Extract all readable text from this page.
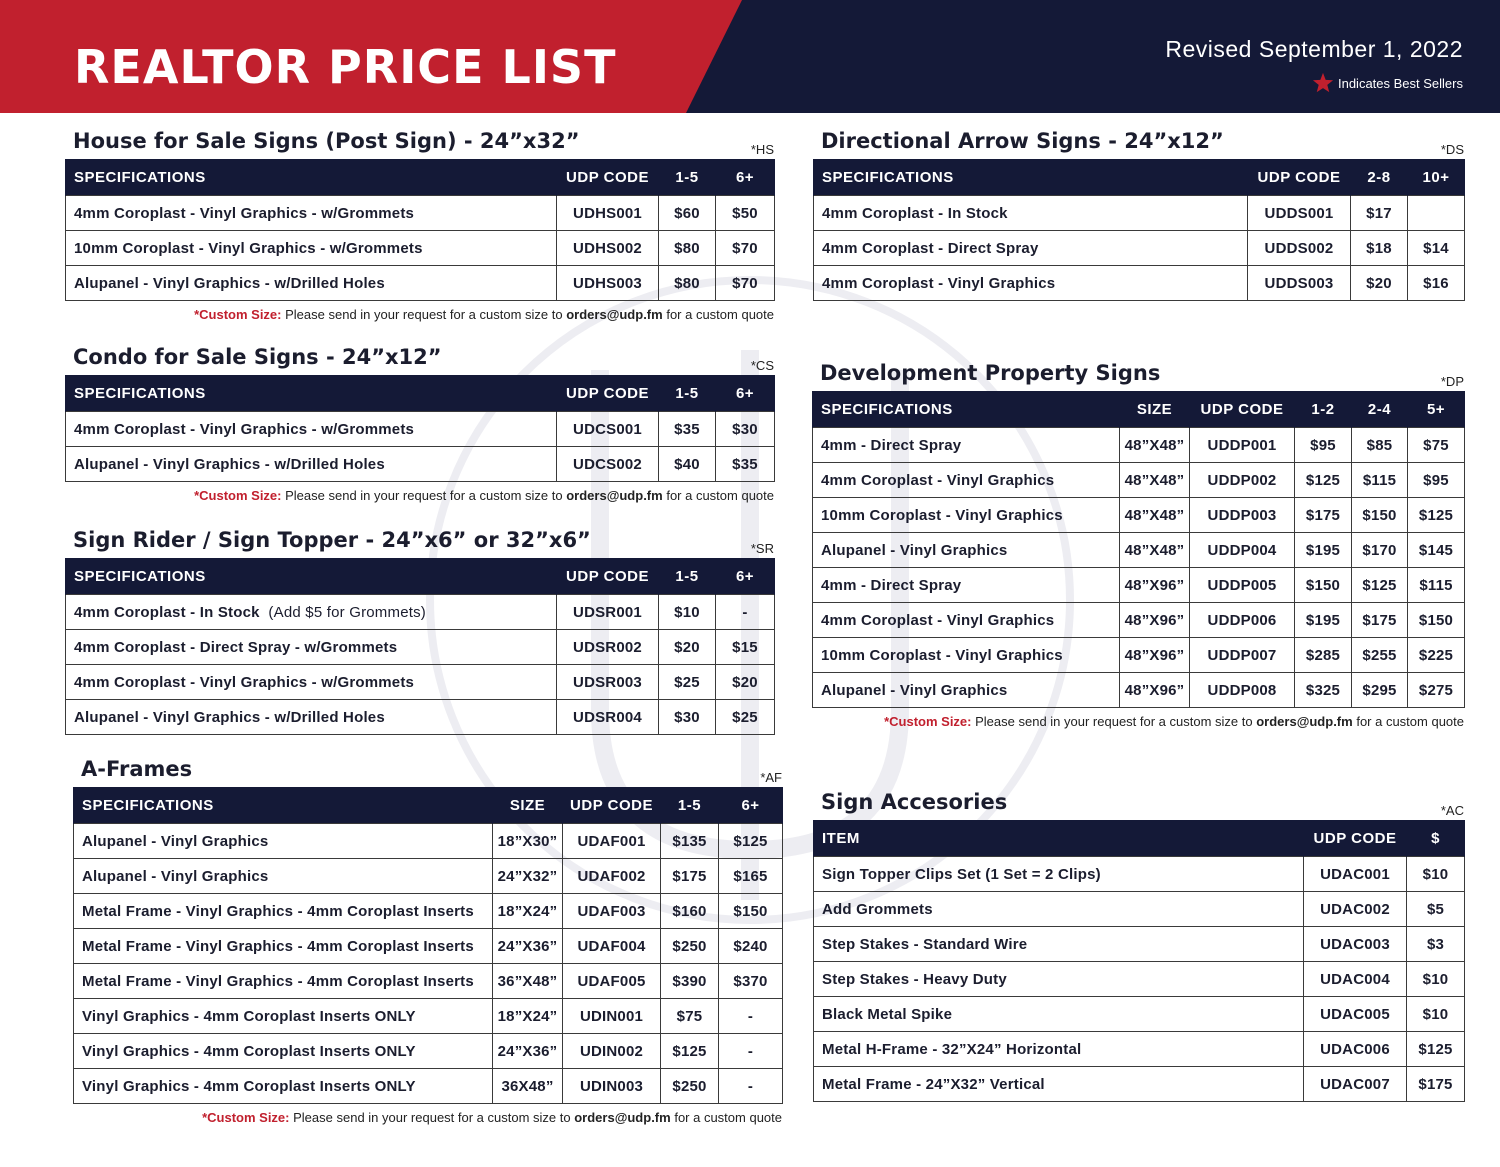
REALTOR PRICE LIST	Revised September 1, 2022
Indicates Best Sellers
House for Sale Signs (Post Sign) - 24”x32”	*HS
SPECIFICATIONS	UDP CODE	1-5	6+
4mm Coroplast - Vinyl Graphics - w/Grommets	UDHS001	$60	$50

10mm Coroplast - Vinyl Graphics - w/Grommets	UDHS002	$80	$70
Alupanel - Vinyl Graphics - w/Drilled Holes	UDHS003	$80	$70
*Custom Size: Please send in your request for a custom size to orders@udp.fm for a custom quote
Condo for Sale Signs - 24”x12”	*CS
SPECIFICATIONS	UDP CODE	1-5	6+

4mm Coroplast - Vinyl Graphics - w/Grommets	UDCS001	$35	$30
Alupanel - Vinyl Graphics - w/Drilled Holes	UDCS002	$40	$35
*Custom Size: Please send in your request for a custom size to orders@udp.fm for a custom quote
Sign Rider / Sign Topper - 24”x6” or 32”x6”	*SR
SPECIFICATIONS	UDP CODE	1-5	6+
4mm Coroplast - In Stock (Add $5 for Grommets)	UDSR001	$10	-
4mm Coroplast - Direct Spray - w/Grommets	UDSR002	$20	$15

4mm Coroplast - Vinyl Graphics - w/Grommets	UDSR003	$25	$20
Alupanel - Vinyl Graphics - w/Drilled Holes	UDSR004	$30	$25
A-Frames	*AF
SPECIFICATIONS	SIZE	UDP CODE	1-5	6+

Alupanel - Vinyl Graphics	18”X30”	UDAF001	$135	$125
Alupanel - Vinyl Graphics	24”X32”	UDAF002	$175	$165
Metal Frame - Vinyl Graphics - 4mm Coroplast Inserts	18”X24”	UDAF003	$160	$150
Metal Frame - Vinyl Graphics - 4mm Coroplast Inserts	24”X36”	UDAF004	$250	$240
Metal Frame - Vinyl Graphics - 4mm Coroplast Inserts	36”X48”	UDAF005	$390	$370
Vinyl Graphics - 4mm Coroplast Inserts ONLY	18”X24”	UDIN001	$75	-
Vinyl Graphics - 4mm Coroplast Inserts ONLY	24”X36”	UDIN002	$125	-
Vinyl Graphics - 4mm Coroplast Inserts ONLY	36X48”	UDIN003	$250	-
*Custom Size: Please send in your request for a custom size to orders@udp.fm for a custom quote
Directional Arrow Signs - 24”x12”	*DS
SPECIFICATIONS	UDP CODE	2-8	10+
4mm Coroplast - In Stock	UDDS001	$17	
4mm Coroplast - Direct Spray	UDDS002	$18	$14

4mm Coroplast - Vinyl Graphics	UDDS003	$20	$16
Development Property Signs	*DP
SPECIFICATIONS	SIZE	UDP CODE	1-2	2-4	5+
4mm - Direct Spray	48”X48”	UDDP001	$95	$85	$75
4mm Coroplast - Vinyl Graphics	48”X48”	UDDP002	$125	$115	$95
10mm Coroplast - Vinyl Graphics	48”X48”	UDDP003	$175	$150	$125
Alupanel - Vinyl Graphics	48”X48”	UDDP004	$195	$170	$145
4mm - Direct Spray	48”X96”	UDDP005	$150	$125	$115
4mm Coroplast - Vinyl Graphics	48”X96”	UDDP006	$195	$175	$150

10mm Coroplast - Vinyl Graphics	48”X96”	UDDP007	$285	$255	$225
Alupanel - Vinyl Graphics	48”X96”	UDDP008	$325	$295	$275
*Custom Size: Please send in your request for a custom size to orders@udp.fm for a custom quote
Sign Accesories	*AC
ITEM	UDP CODE	$
Sign Topper Clips Set (1 Set = 2 Clips)	UDAC001	$10
Add Grommets	UDAC002	$5
Step Stakes - Standard Wire	UDAC003	$3
Step Stakes - Heavy Duty	UDAC004	$10
Black Metal Spike	UDAC005	$10
Metal H-Frame - 32”X24” Horizontal	UDAC006	$125
Metal Frame - 24”X32” Vertical	UDAC007	$175
